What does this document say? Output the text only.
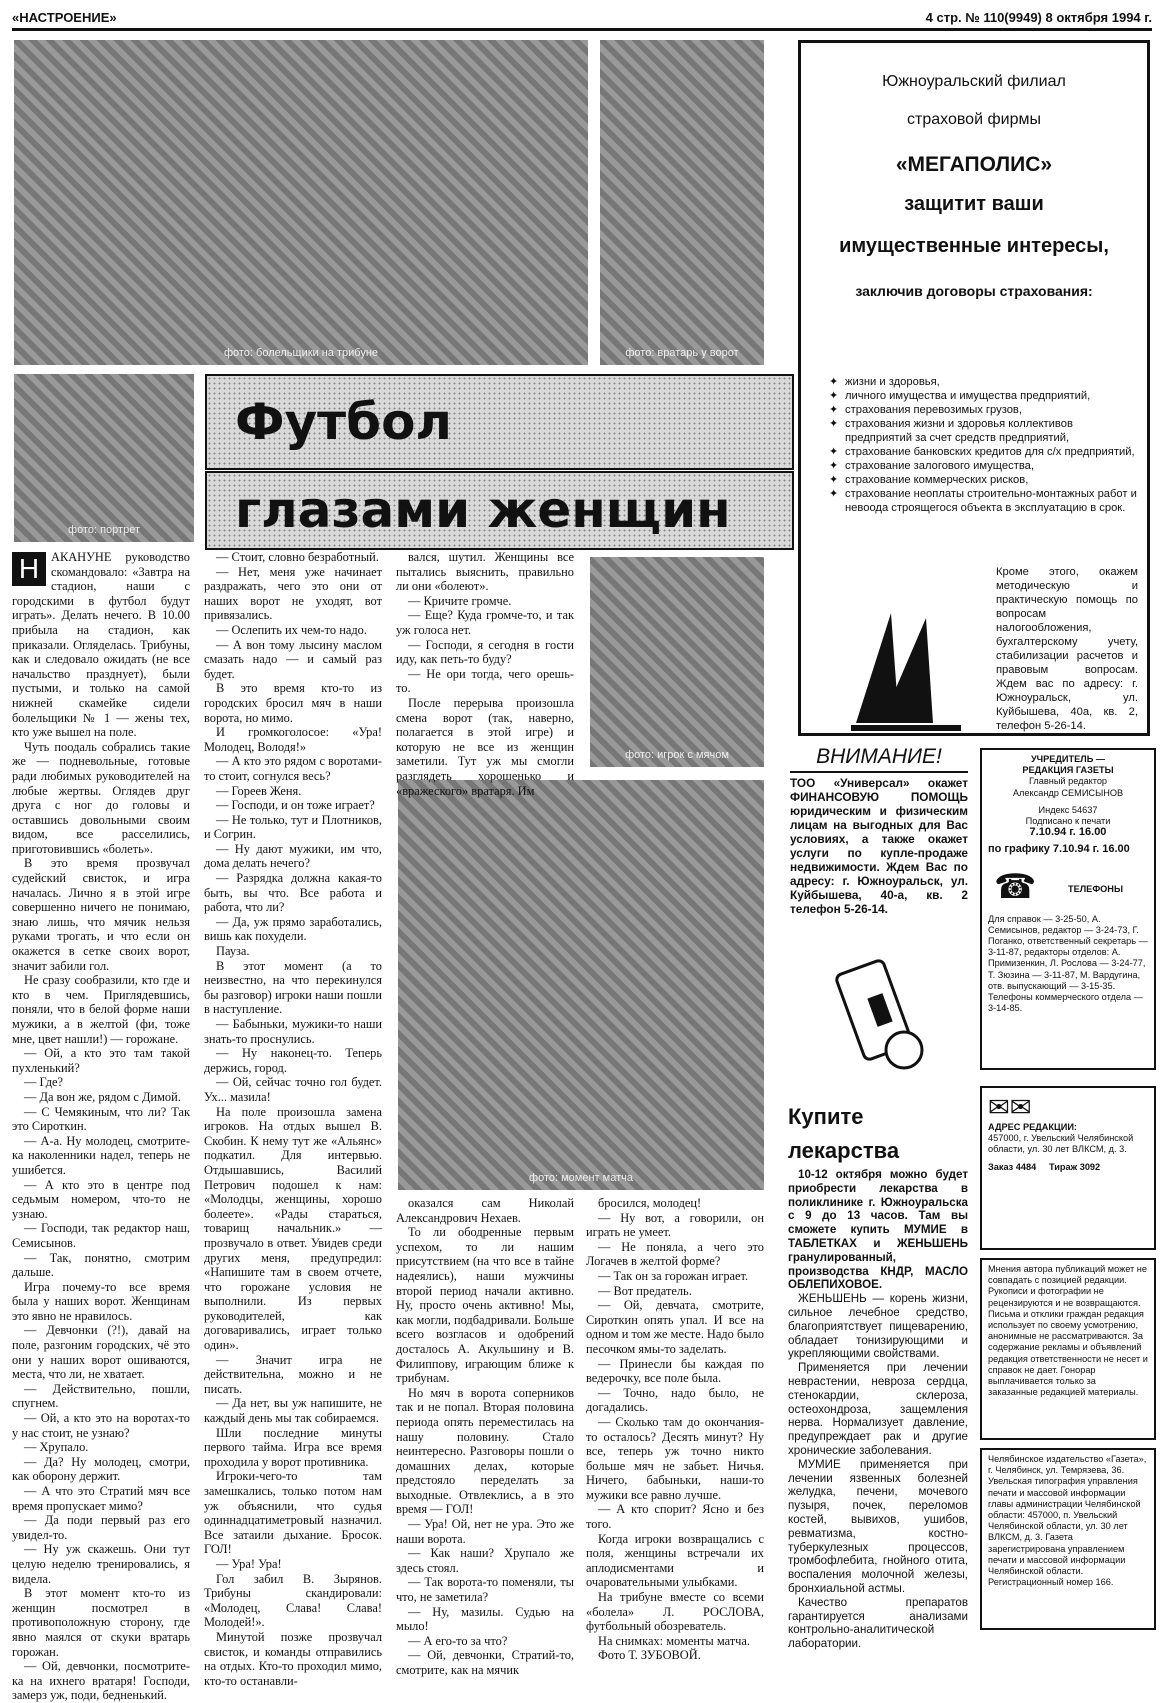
«НАСТРОЕНИЕ»	4 стр. № 110(9949) 8 октября 1994 г.
фото: болельщики на трибуне	фото: вратарь у ворот
фото: портрет
Футбол
глазами женщин
фото: игрок с мячом
фото: момент матча

Н АКАНУНЕ руководство скомандовало: «Завтра на стадион, наши с городскими в футбол будут играть». Делать нечего. В 10.00 прибыла на стадион, как приказали. Огляделась. Трибуны, как и следовало ожидать (не все начальство празднует), были пустыми, и только на самой нижней скамейке сидели болельщики № 1 — жены тех, кто уже вышел на поле.

Чуть поодаль собрались такие же — подневольные, готовые ради любимых руководителей на любые жертвы. Оглядев друг друга с ног до головы и оставшись довольными своим видом, все расселились, приготовившись «болеть».

В это время прозвучал судейский свисток, и игра началась. Лично я в этой игре совершенно ничего не понимаю, знаю лишь, что мячик нельзя руками трогать, и что если он окажется в сетке своих ворот, значит забили гол.

Не сразу сообразили, кто где и кто в чем. Приглядевшись, поняли, что в белой форме наши мужики, а в желтой (фи, тоже мне, цвет нашли!) — горожане.

— Ой, а кто это там такой пухленький?

— Где?

— Да вон же, рядом с Димой.

— С Чемякиным, что ли? Так это Сироткин.

— А-а. Ну молодец, смотрите-ка наколенники надел, теперь не ушибется.

— А кто это в центре под седьмым номером, что-то не узнаю.

— Господи, так редактор наш, Семисынов.

— Так, понятно, смотрим дальше.

Игра почему-то все время была у наших ворот. Женщинам это явно не нравилось.

— Девчонки (?!), давай на поле, разгоним городских, чё это они у наших ворот ошиваются, места, что ли, не хватает.

— Действительно, пошли, спугнем.

— Ой, а кто это на воротах-то у нас стоит, не узнаю?

— Хрупало.

— Да? Ну молодец, смотри, как оборону держит.

— А что это Стратий мяч все время пропускает мимо?

— Да поди первый раз его увидел-то.

— Ну уж скажешь. Они тут целую неделю тренировались, я видела.

В этот момент кто-то из женщин посмотрел в противоположную сторону, где явно маялся от скуки вратарь горожан.

— Ой, девчонки, посмотрите-ка на ихнего вратаря! Господи, замерз уж, поди, бедненький.

— Стоит, словно безработный.

— Нет, меня уже начинает раздражать, чего это они от наших ворот не уходят, вот привязались.

— Ослепить их чем-то надо.

— А вон тому лысину маслом смазать надо — и самый раз будет.

В это время кто-то из городских бросил мяч в наши ворота, но мимо.

И громкоголосое: «Ура! Молодец, Володя!»

— А кто это рядом с воротами-то стоит, согнулся весь?

— Гореев Женя.

— Господи, и он тоже играет?

— Не только, тут и Плотников, и Согрин.

— Ну дают мужики, им что, дома делать нечего?

— Разрядка должна какая-то быть, вы что. Все работа и работа, что ли?

— Да, уж прямо заработались, вишь как похудели.

Пауза.

В этот момент (а то неизвестно, на что перекинулся бы разговор) игроки наши пошли в наступление.

— Бабыньки, мужики-то наши знать-то проснулись.

— Ну наконец-то. Теперь держись, город.

— Ой, сейчас точно гол будет. Ух... мазила!

На поле произошла замена игроков. На отдых вышел В. Скобин. К нему тут же «Альянс» подкатил. Для интервью. Отдышавшись, Василий Петрович подошел к нам: «Молодцы, женщины, хорошо болеете». «Рады стараться, товарищ начальник.» — прозвучало в ответ. Увидев среди других меня, предупредил: «Напишите там в своем отчете, что горожане условия не выполнили. Из первых руководителей, как договаривались, играет только один».

— Значит игра не действительна, можно и не писать.

— Да нет, вы уж напишите, не каждый день мы так собираемся.

Шли последние минуты первого тайма. Игра все время проходила у ворот противника.

Игроки-чего-то там замешкались, только потом нам уж объяснили, что судья одиннадцатиметровый назначил. Все затаили дыхание. Бросок. ГОЛ!

— Ура! Ура!

Гол забил В. Зырянов. Трибуны скандировали: «Молодец, Слава! Слава! Молодей!».

Минутой позже прозвучал свисток, и команды отправились на отдых. Кто-то проходил мимо, кто-то останавли-

вался, шутил. Женщины все пытались выяснить, правильно ли они «болеют».

— Кричите громче.

— Еще? Куда громче-то, и так уж голоса нет.

— Господи, я сегодня в гости иду, как петь-то буду?

— Не ори тогда, чего орешь-то.

После перерыва произошла смена ворот (так, наверно, полагается в этой игре) и которую не все из женщин заметили. Тут уж мы смогли разглядеть хорошенько и «вражеского» вратаря. Им

оказался сам Николай Александрович Нехаев.

То ли ободренные первым успехом, то ли нашим присутствием (на что все в тайне надеялись), наши мужчины второй период начали активно. Ну, просто очень активно! Мы, как могли, подбадривали. Больше всего возгласов и одобрений досталось А. Акульшину и В. Филиппову, играющим ближе к трибунам.

Но мяч в ворота соперников так и не попал. Вторая половина периода опять переместилась на нашу половину. Стало неинтересно. Разговоры пошли о домашних делах, которые предстояло переделать за выходные. Отвлеклись, а в это время — ГОЛ!

— Ура! Ой, нет не ура. Это же наши ворота.

— Как наши? Хрупало же здесь стоял.

— Так ворота-то поменяли, ты что, не заметила?

— Ну, мазилы. Судью на мыло!

— А его-то за что?

— Ой, девчонки, Стратий-то, смотрите, как на мячик

бросился, молодец!

— Ну вот, а говорили, он играть не умеет.

— Не поняла, а чего это Логачев в желтой форме?

— Так он за горожан играет.

— Вот предатель.

— Ой, девчата, смотрите, Сироткин опять упал. И все на одном и том же месте. Надо было песочком ямы-то заделать.

— Принесли бы каждая по ведерочку, все поле была.

— Точно, надо было, не догадались.

— Сколько там до окончания-то осталось? Десять минут? Ну все, теперь уж точно никто больше мяч не забьет. Ничья. Ничего, бабыньки, наши-то мужики все равно лучше.

— А кто спорит? Ясно и без того.

Когда игроки возвращались с поля, женщины встречали их аплодисментами и очаровательными улыбками.

На трибуне вместе со всеми «болела» Л. РОСЛОВА, футбольный обозреватель.

На снимках: моменты матча.

Фото Т. ЗУБОВОЙ.

Южноуральский филиал
страховой фирмы
«МЕГАПОЛИС»
защитит ваши
имущественные интересы,
заключив договоры страхования:
✦ жизни и здоровья,
✦ личного имущества и имущества предприятий,
✦ страхования перевозимых грузов,
✦ страхования жизни и здоровья коллективов предприятий за счет средств предприятий,
✦ страхование банковских кредитов для с/х предприятий,
✦ страхование залогового имущества,
✦ страхование коммерческих рисков,
✦ страхование неоплаты строительно-монтажных работ и невоода строящегося объекта в эксплуатацию в срок.
Кроме этого, окажем методическую и практическую помощь по вопросам налогообложения, бухгалтерскому учету, стабилизации расчетов и правовым вопросам. Ждем вас по адресу: г. Южноуральск, ул. Куйбышева, 40а, кв. 2, телефон 5-26-14.
ВНИМАНИЕ!
ТОО «Универсал» окажет ФИНАНСОВУЮ ПОМОЩЬ юридическим и физическим лицам на выгодных для Вас условиях, а также окажет услуги по купле-продаже недвижимости. Ждем Вас по адресу: г. Южноуральск, ул. Куйбышева, 40-а, кв. 2 телефон 5-26-14.
Купите
лекарства

10-12 октября можно будет приобрести лекарства в поликлинике г. Южноуральска с 9 до 13 часов. Там вы сможете купить МУМИЕ в ТАБЛЕТКАХ и ЖЕНЬШЕНЬ гранулированный, производства КНДР, МАСЛО ОБЛЕПИХОВОЕ.

ЖЕНЬШЕНЬ — корень жизни, сильное лечебное средство, благоприятствует пищеварению, обладает тонизирующими и укрепляющими свойствами.

Применяется при лечении неврастении, невроза сердца, стенокардии, склероза, остеохондроза, защемления нерва. Нормализует давление, предупреждает рак и другие хронические заболевания.

МУМИЕ применяется при лечении язвенных болезней желудка, печени, мочевого пузыря, почек, переломов костей, вывихов, ушибов, ревматизма, костно-туберкулезных процессов, тромбофлебита, гнойного отита, воспаления молочной железы, бронхиальной астмы.

Качество препаратов гарантируется анализами контрольно-аналитической лаборатории.

УЧРЕДИТЕЛЬ —
РЕДАКЦИЯ ГАЗЕТЫ
Главный редактор
Александр СЕМИСЫНОВ
Индекс 54637
Подписано к печати
7.10.94 г. 16.00
по графику 7.10.94 г. 16.00
☎	ТЕЛЕФОНЫ
Для справок — 3-25-50, А. Семисынов, редактор — 3-24-73, Г. Поганко, ответственный секретарь — 3-11-87, редакторы отделов: А. Примизенкин, Л. Рослова — 3-24-77, Т. Зюзина — 3-11-87, М. Вардугина, отв. выпускающий — 3-15-35. Телефоны коммерческого отдела — 3-14-85.
✉✉
АДРЕС РЕДАКЦИИ:
457000, г. Увельский Челябинской области, ул. 30 лет ВЛКСМ, д. 3.
Заказ 4484 Тираж 3092
Мнения автора публикаций может не совпадать с позицией редакции. Рукописи и фотографии не рецензируются и не возвращаются. Письма и отклики граждан редакция использует по своему усмотрению, анонимные не рассматриваются. За содержание рекламы и объявлений редакция ответственности не несет и справок не дает. Гонорар выплачивается только за заказанные редакцией материалы.
Челябинское издательство «Газета», г. Челябинск, ул. Темрязева, 36. Увельская типография управления печати и массовой информации главы администрации Челябинской области: 457000, п. Увельский Челябинской области, ул. 30 лет ВЛКСМ, д. 3. Газета зарегистрирована управлением печати и массовой информации Челябинской области. Регистрационный номер 166.
